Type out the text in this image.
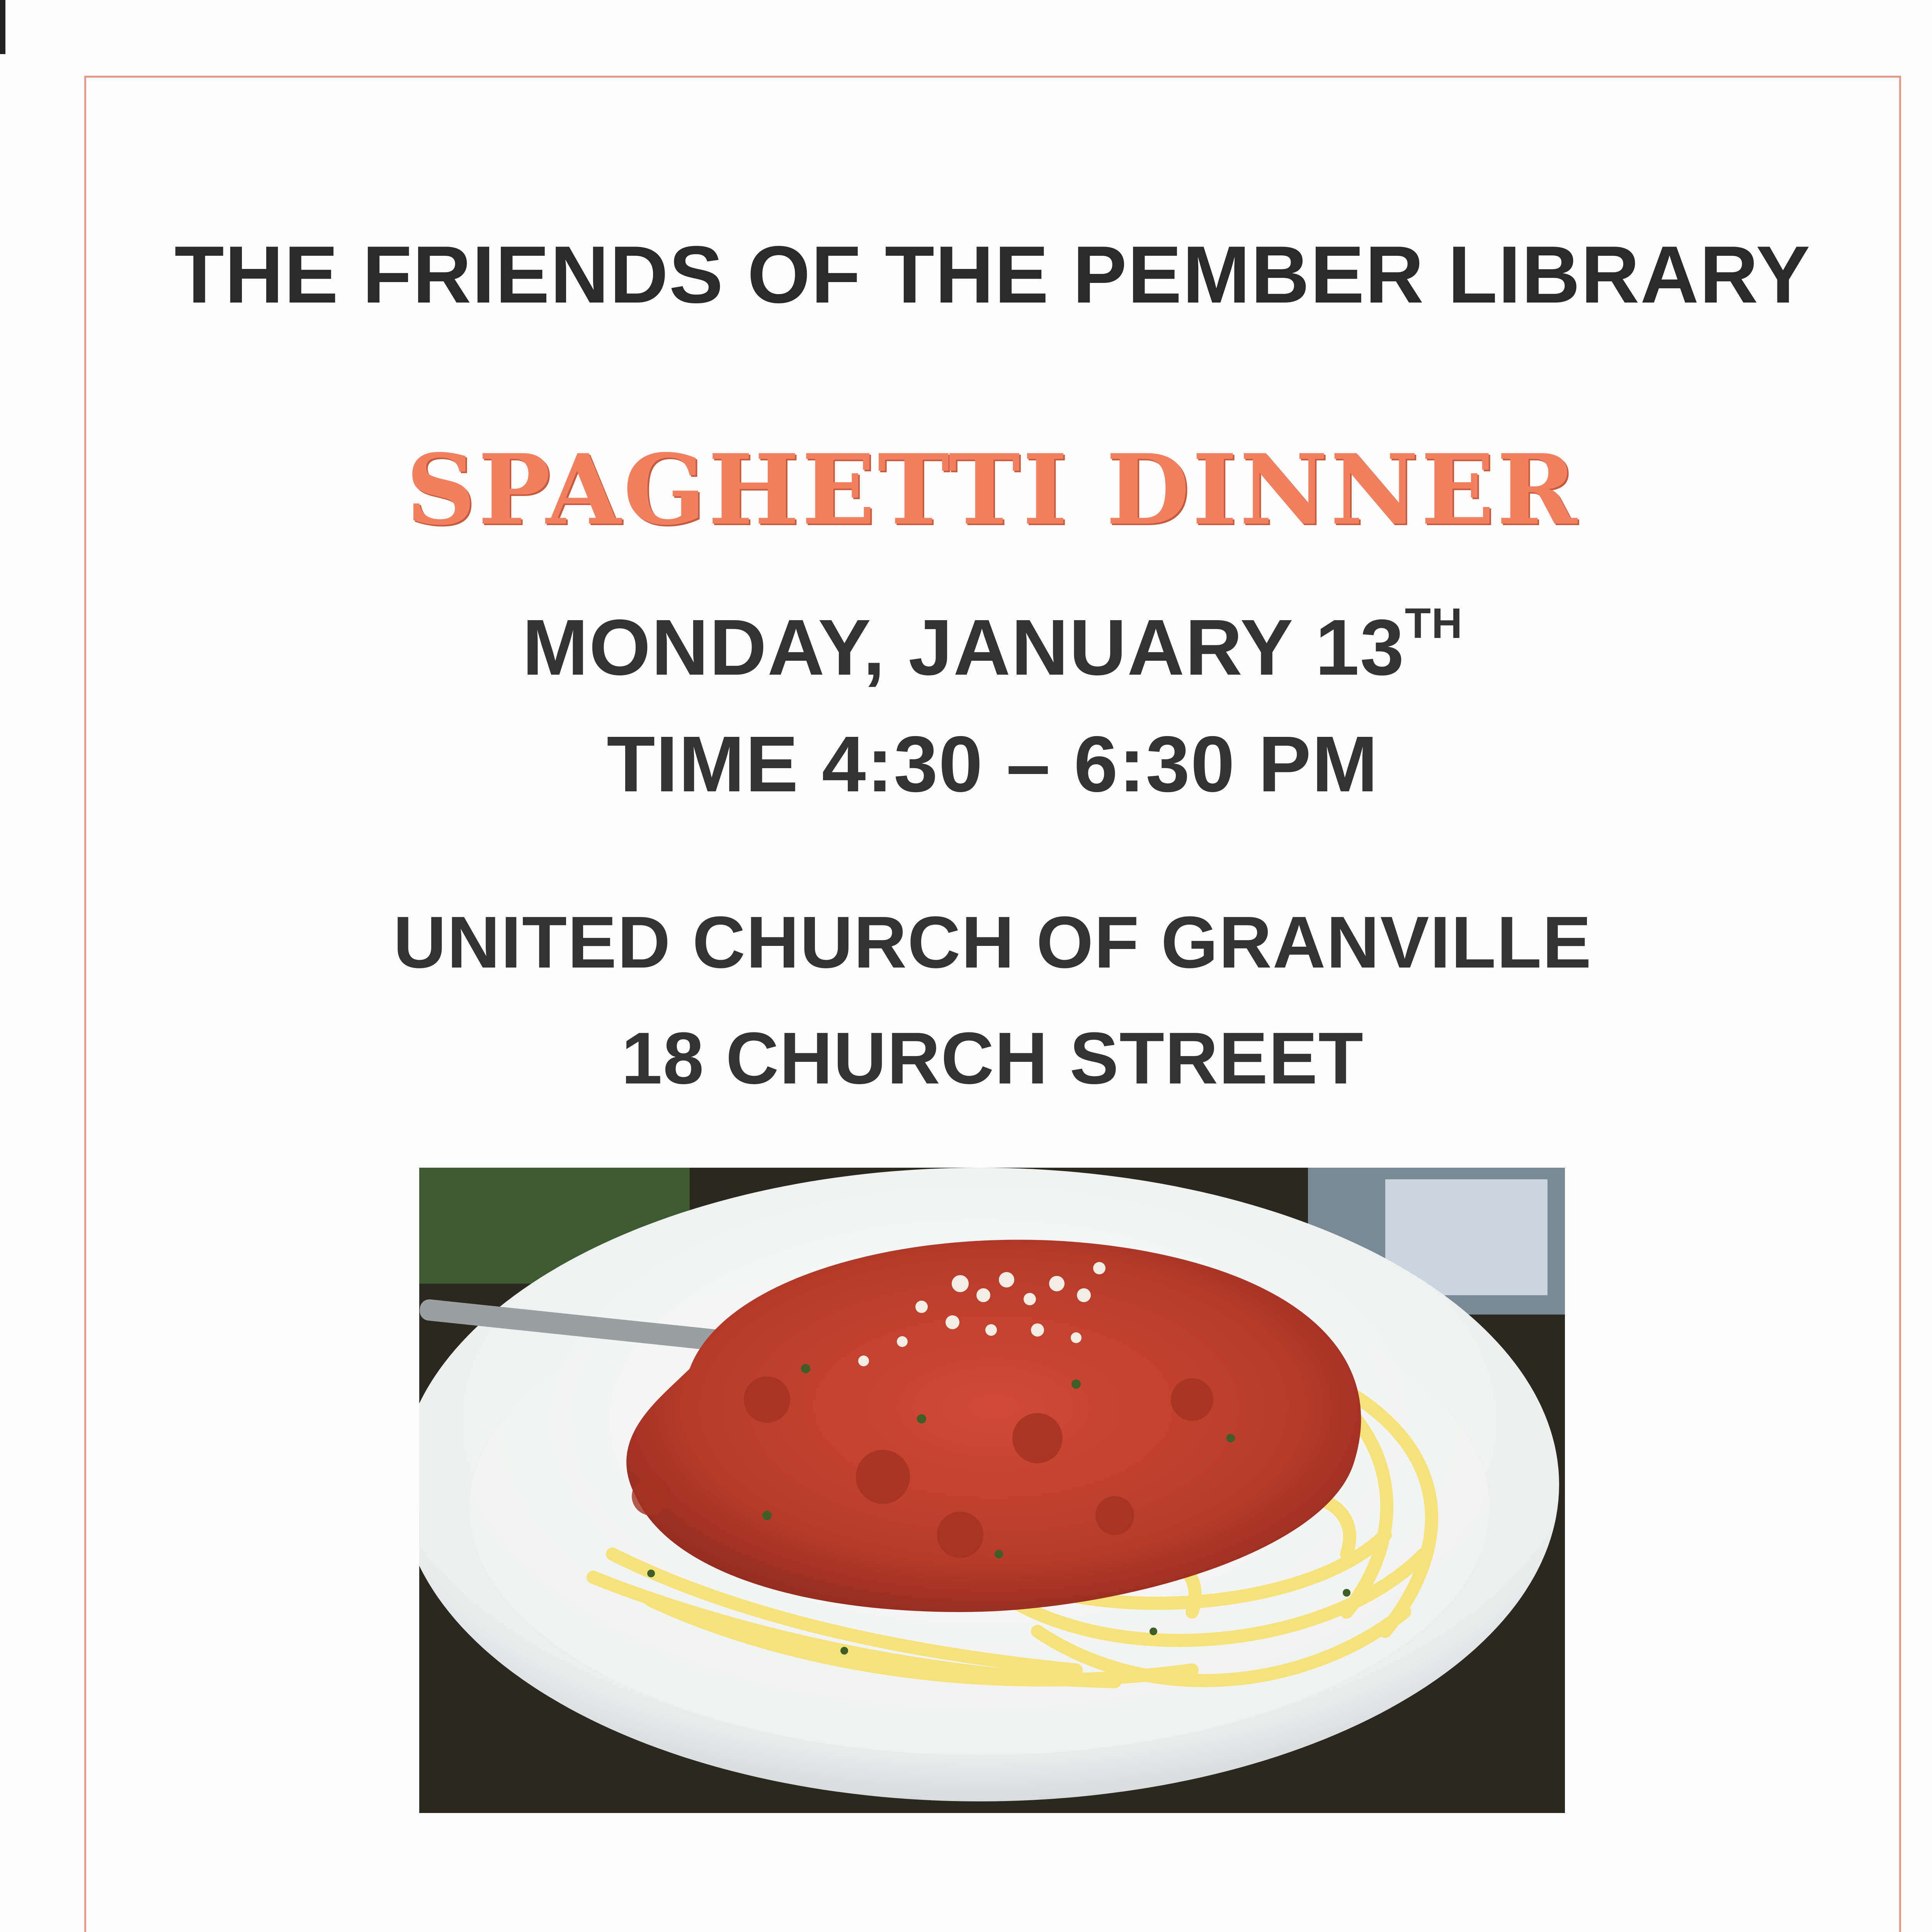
THE FRIENDS OF THE PEMBER LIBRARY
SPAGHETTI DINNER
MONDAY, JANUARY 13TH
TIME 4:30 – 6:30 PM
UNITED CHURCH OF GRANVILLE
18 CHURCH STREET
